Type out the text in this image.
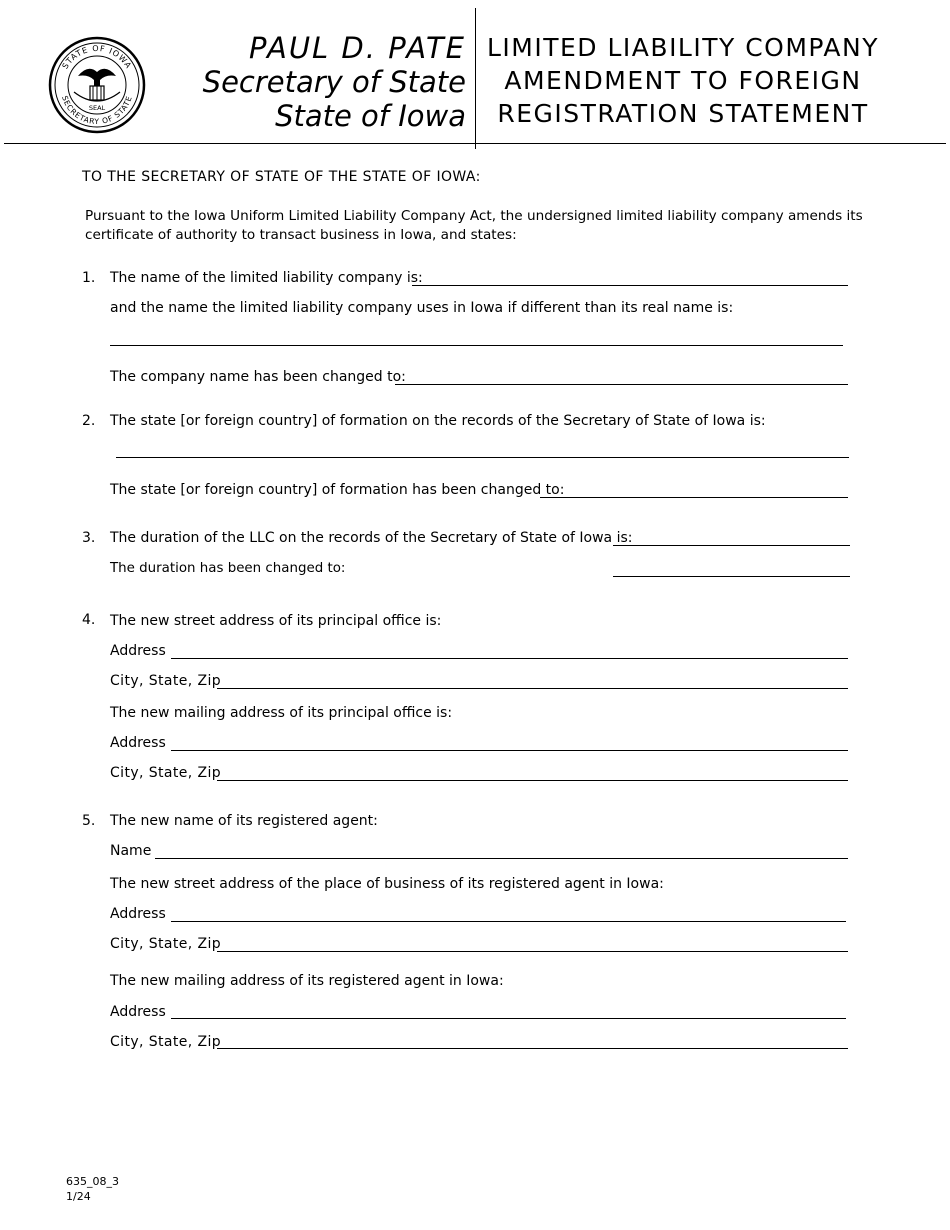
STATE OF IOWA
SECRETARY OF STATE
SEAL
PAUL D. PATE
Secretary of State
State of Iowa
LIMITED LIABILITY COMPANY
AMENDMENT TO FOREIGN
REGISTRATION STATEMENT
TO THE SECRETARY OF STATE OF THE STATE OF IOWA:
Pursuant to the Iowa Uniform Limited Liability Company Act, the undersigned limited liability company amends its
certificate of authority to transact business in Iowa, and states:
1. The name of the limited liability company is:
and the name the limited liability company uses in Iowa if different than its real name is:
The company name has been changed to:
2. The state [or foreign country] of formation on the records of the Secretary of State of Iowa is:
The state [or foreign country] of formation has been changed to:
3. The duration of the LLC on the records of the Secretary of State of Iowa is:
The duration has been changed to:
4. The new street address of its principal office is:
Address
City, State, Zip
The new mailing address of its principal office is:
Address
City, State, Zip
5. The new name of its registered agent:
Name
The new street address of the place of business of its registered agent in Iowa:
Address
City, State, Zip
The new mailing address of its registered agent in Iowa:
Address
City, State, Zip
635_08_3
1/24
